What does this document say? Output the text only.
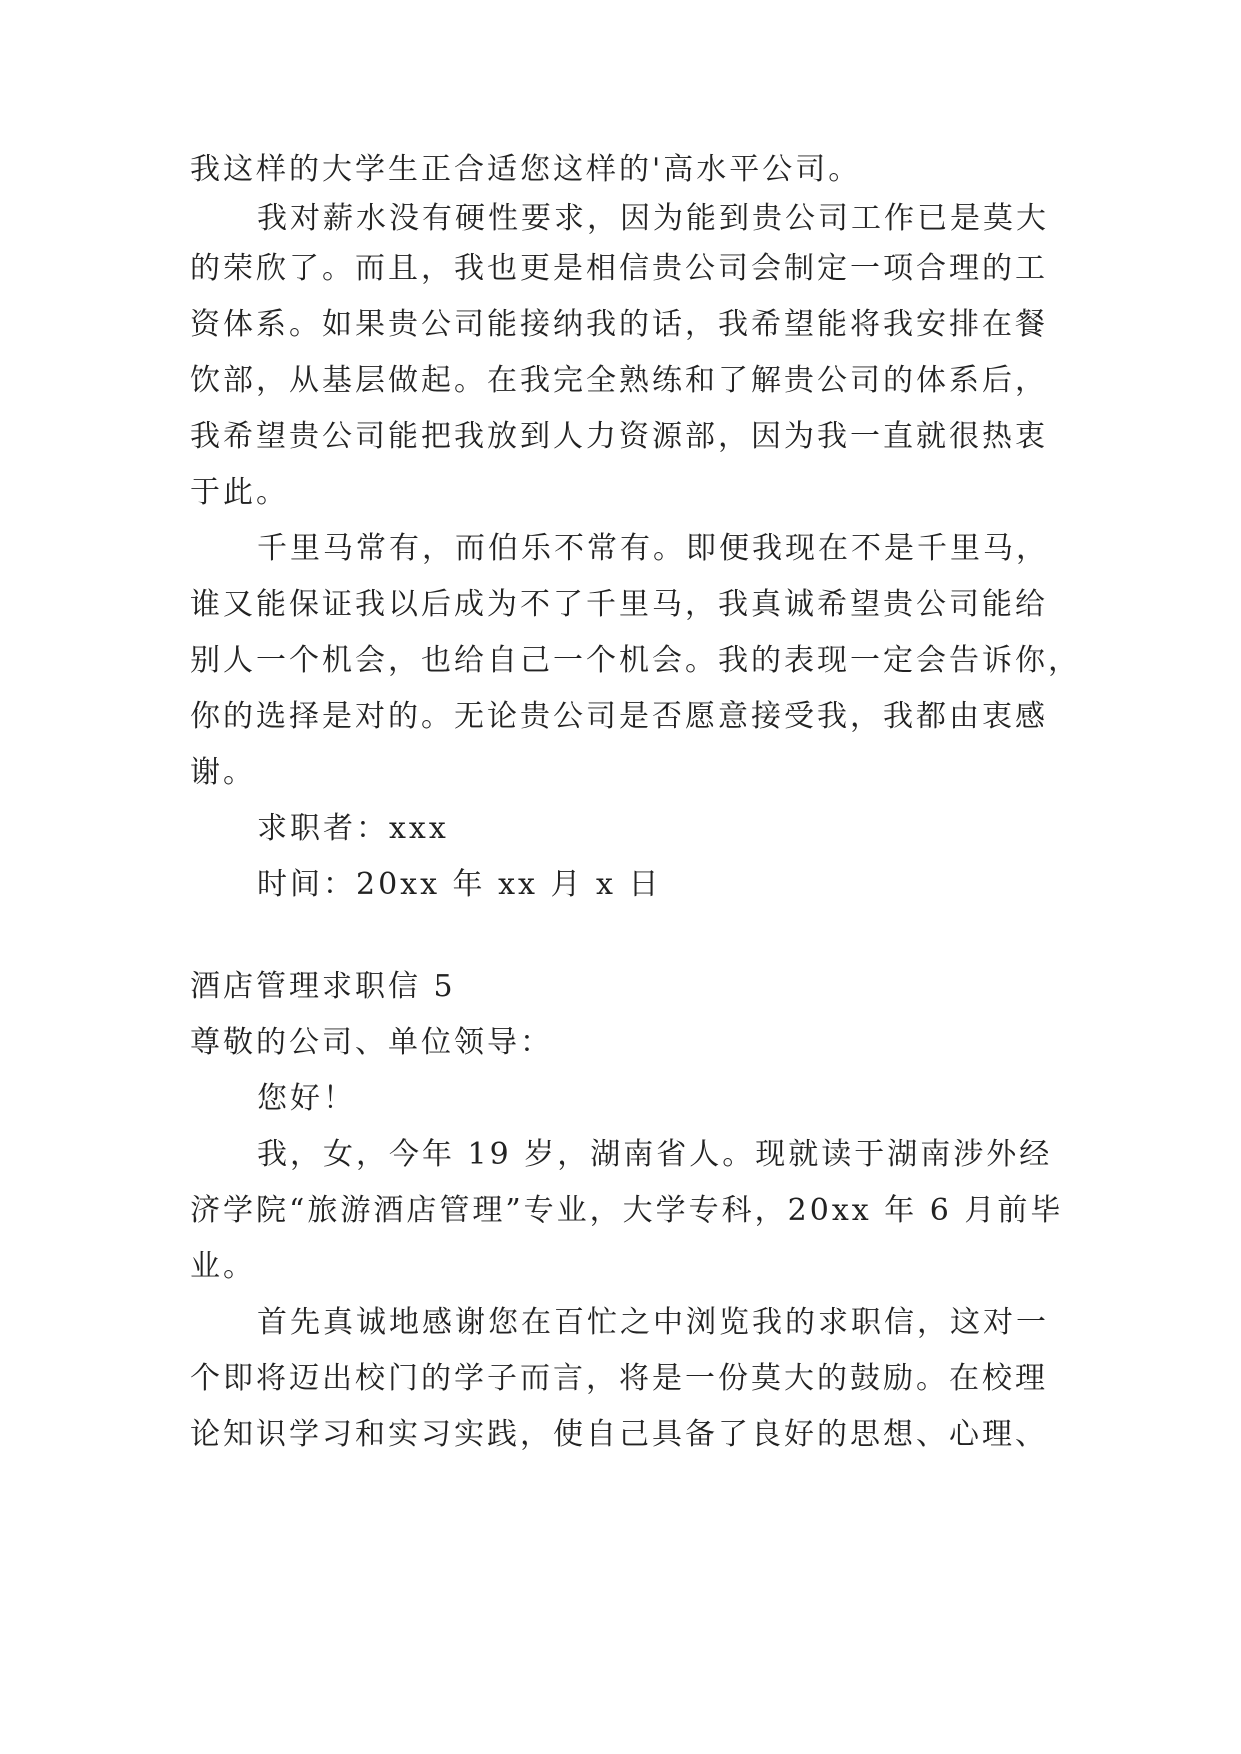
我这样的大学生正合适您这样的'高水平公司。
我对薪水没有硬性要求，因为能到贵公司工作已是莫大
的荣欣了。而且，我也更是相信贵公司会制定一项合理的工
资体系。如果贵公司能接纳我的话，我希望能将我安排在餐
饮部，从基层做起。在我完全熟练和了解贵公司的体系后，
我希望贵公司能把我放到人力资源部，因为我一直就很热衷
于此。
千里马常有，而伯乐不常有。即便我现在不是千里马，
谁又能保证我以后成为不了千里马，我真诚希望贵公司能给
别人一个机会，也给自己一个机会。我的表现一定会告诉你，
你的选择是对的。无论贵公司是否愿意接受我，我都由衷感
谢。
求职者：xxx
时间：20xx 年 xx 月 x 日
酒店管理求职信 5
尊敬的公司、单位领导：
您好！
我，女，今年 19 岁，湖南省人。现就读于湖南涉外经
济学院“旅游酒店管理”专业，大学专科，20xx 年 6 月前毕
业。
首先真诚地感谢您在百忙之中浏览我的求职信，这对一
个即将迈出校门的学子而言，将是一份莫大的鼓励。在校理
论知识学习和实习实践，使自己具备了良好的思想、心理、
